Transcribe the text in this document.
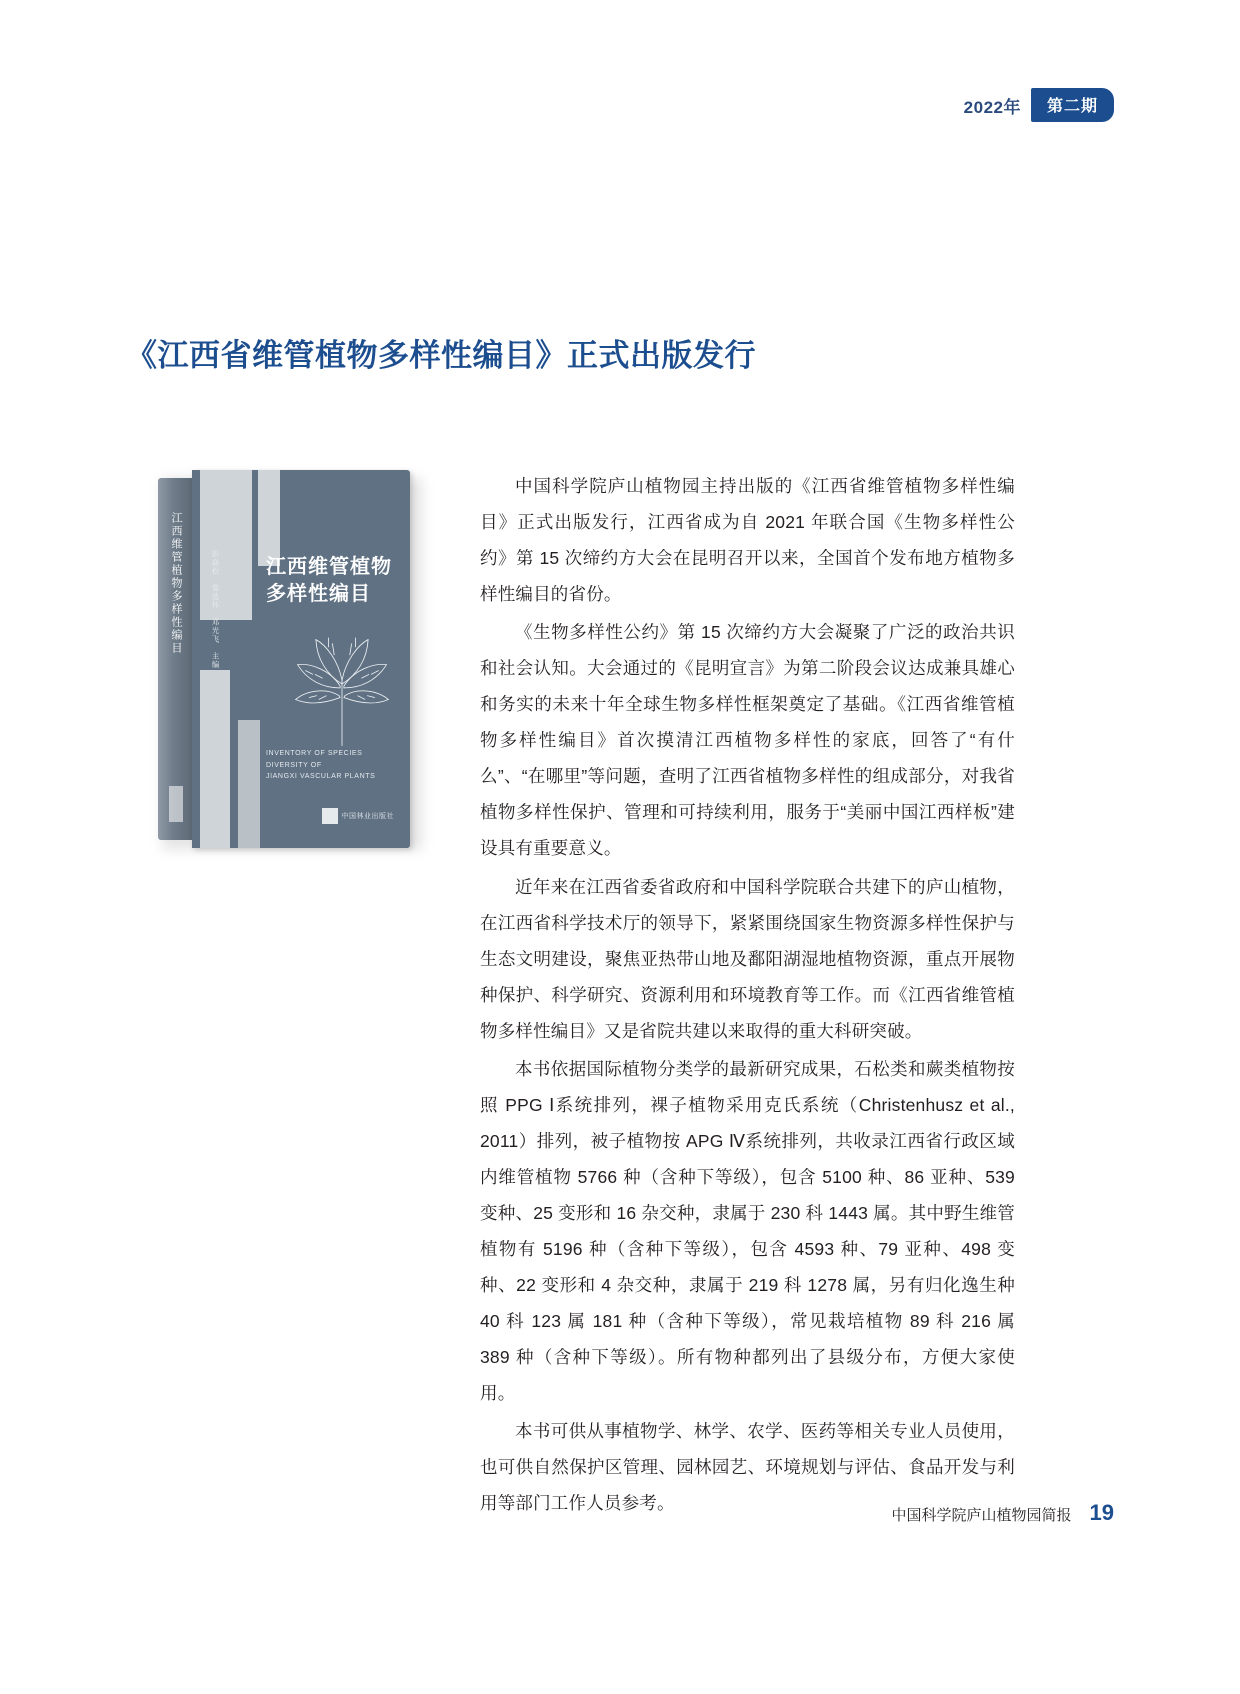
2022年	第二期
《江西省维管植物多样性编目》正式出版发行
江西维管植物多样性编目	彭焱松　詹选怀　邓光飞　主编 江西维管植物
多样性编目
INVENTORY OF SPECIES DIVERSITY OF
JIANGXI VASCULAR PLANTS
中国林业出版社

中国科学院庐山植物园主持出版的《江西省维管植物多样性编目》正式出版发行，江西省成为自 2021 年联合国《生物多样性公约》第 15 次缔约方大会在昆明召开以来，全国首个发布地方植物多样性编目的省份。

《生物多样性公约》第 15 次缔约方大会凝聚了广泛的政治共识和社会认知。大会通过的《昆明宣言》为第二阶段会议达成兼具雄心和务实的未来十年全球生物多样性框架奠定了基础。《江西省维管植物多样性编目》首次摸清江西植物多样性的家底，回答了“有什么”、“在哪里”等问题，查明了江西省植物多样性的组成部分，对我省植物多样性保护、管理和可持续利用，服务于“美丽中国江西样板”建设具有重要意义。

近年来在江西省委省政府和中国科学院联合共建下的庐山植物，在江西省科学技术厅的领导下，紧紧围绕国家生物资源多样性保护与生态文明建设，聚焦亚热带山地及鄱阳湖湿地植物资源，重点开展物种保护、科学研究、资源利用和环境教育等工作。而《江西省维管植物多样性编目》又是省院共建以来取得的重大科研突破。

本书依据国际植物分类学的最新研究成果，石松类和蕨类植物按照 PPG Ⅰ系统排列，裸子植物采用克氏系统（Christenhusz et al., 2011）排列，被子植物按 APG Ⅳ系统排列，共收录江西省行政区域内维管植物 5766 种（含种下等级），包含 5100 种、86 亚种、539 变种、25 变形和 16 杂交种，隶属于 230 科 1443 属。其中野生维管植物有 5196 种（含种下等级），包含 4593 种、79 亚种、498 变种、22 变形和 4 杂交种，隶属于 219 科 1278 属，另有归化逸生种 40 科 123 属 181 种（含种下等级），常见栽培植物 89 科 216 属 389 种（含种下等级）。所有物种都列出了县级分布，方便大家使用。

本书可供从事植物学、林学、农学、医药等相关专业人员使用，也可供自然保护区管理、园林园艺、环境规划与评估、食品开发与利用等部门工作人员参考。

中国科学院庐山植物园简报 19
